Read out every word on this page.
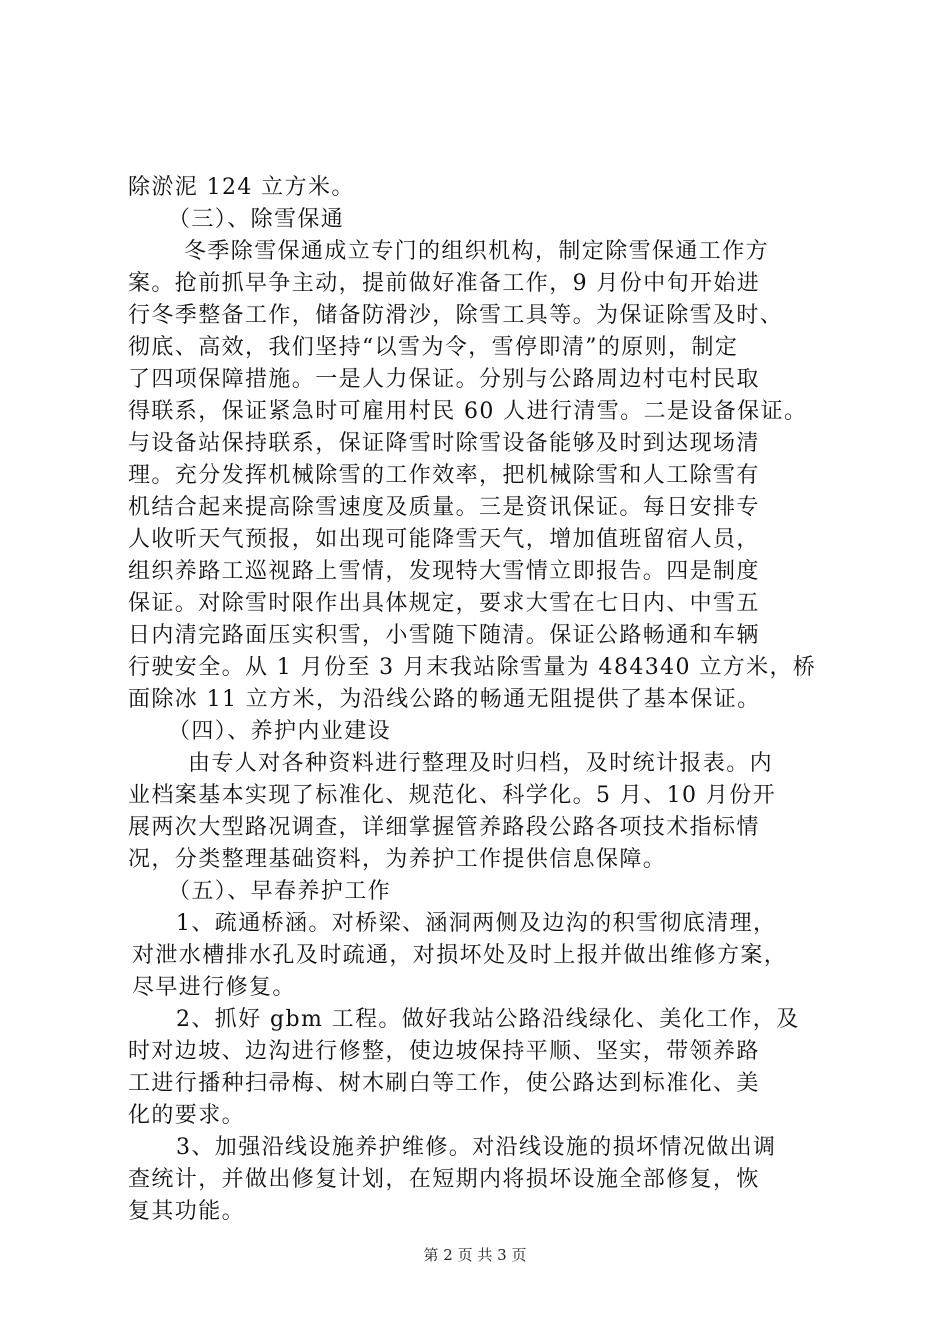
除淤泥 124 立方米。
（三）、除雪保通
冬季除雪保通成立专门的组织机构，制定除雪保通工作方
案。抢前抓早争主动，提前做好准备工作，9 月份中旬开始进
行冬季整备工作，储备防滑沙，除雪工具等。为保证除雪及时、
彻底、高效，我们坚持“以雪为令，雪停即清”的原则，制定
了四项保障措施。一是人力保证。分别与公路周边村屯村民取
得联系，保证紧急时可雇用村民 60 人进行清雪。二是设备保证。
与设备站保持联系，保证降雪时除雪设备能够及时到达现场清
理。充分发挥机械除雪的工作效率，把机械除雪和人工除雪有
机结合起来提高除雪速度及质量。三是资讯保证。每日安排专
人收听天气预报，如出现可能降雪天气，增加值班留宿人员，
组织养路工巡视路上雪情，发现特大雪情立即报告。四是制度
保证。对除雪时限作出具体规定，要求大雪在七日内、中雪五
日内清完路面压实积雪，小雪随下随清。保证公路畅通和车辆
行驶安全。从 1 月份至 3 月末我站除雪量为 484340 立方米，桥
面除冰 11 立方米，为沿线公路的畅通无阻提供了基本保证。
（四）、养护内业建设
由专人对各种资料进行整理及时归档，及时统计报表。内
业档案基本实现了标准化、规范化、科学化。5 月、10 月份开
展两次大型路况调查，详细掌握管养路段公路各项技术指标情
况，分类整理基础资料，为养护工作提供信息保障。
（五）、早春养护工作
1、疏通桥涵。对桥梁、涵洞两侧及边沟的积雪彻底清理，
对泄水槽排水孔及时疏通，对损坏处及时上报并做出维修方案，
尽早进行修复。
2、抓好 gbm 工程。做好我站公路沿线绿化、美化工作，及
时对边坡、边沟进行修整，使边坡保持平顺、坚实，带领养路
工进行播种扫帚梅、树木刷白等工作，使公路达到标准化、美
化的要求。
3、加强沿线设施养护维修。对沿线设施的损坏情况做出调
查统计，并做出修复计划，在短期内将损坏设施全部修复，恢
复其功能。
第 2 页 共 3 页
